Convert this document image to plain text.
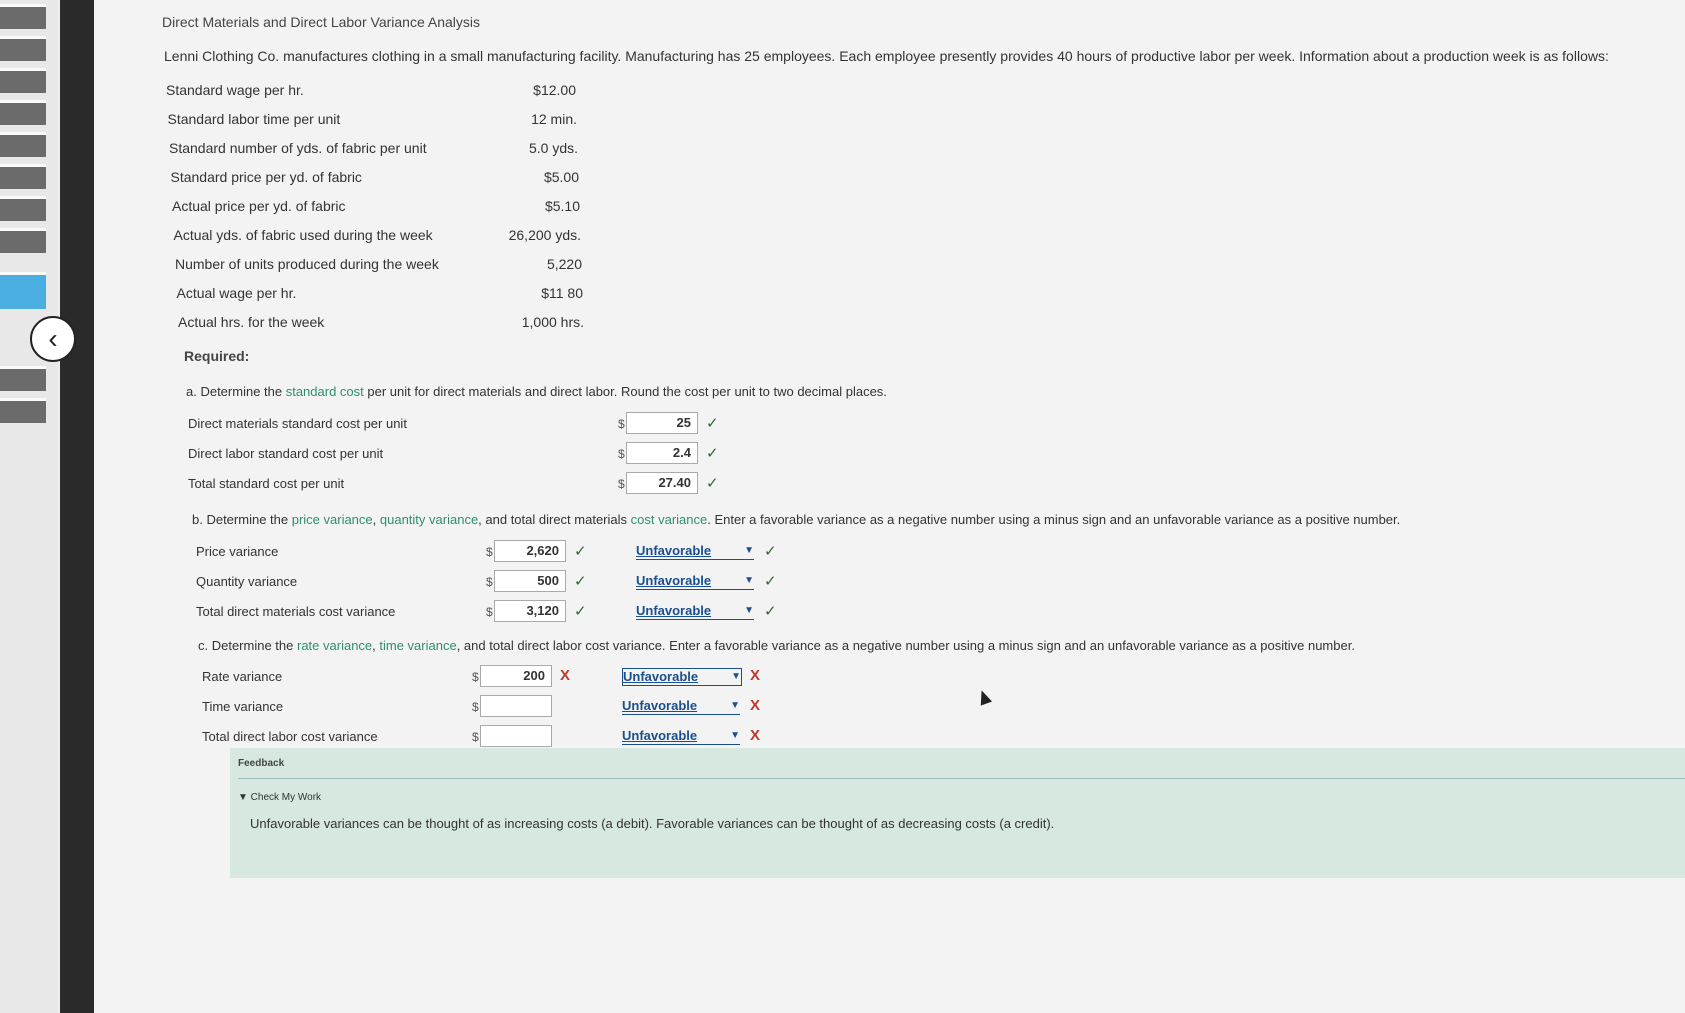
‹
Direct Materials and Direct Labor Variance Analysis
Lenni Clothing Co. manufactures clothing in a small manufacturing facility. Manufacturing has 25 employees. Each employee presently provides 40 hours of productive labor per week. Information about a production week is as follows:
Standard wage per hr.	$12.00
Standard labor time per unit	12 min.
Standard number of yds. of fabric per unit	5.0 yds.
Standard price per yd. of fabric	$5.00
Actual price per yd. of fabric	$5.10
Actual yds. of fabric used during the week	26,200 yds.
Number of units produced during the week	5,220
Actual wage per hr.	$11 80
Actual hrs. for the week	1,000 hrs.
Required:
a. Determine the standard cost per unit for direct materials and direct labor. Round the cost per unit to two decimal places.
Direct materials standard cost per unit	$	25	✓
Direct labor standard cost per unit	$	2.4	✓
Total standard cost per unit	$	27.40	✓
b. Determine the price variance, quantity variance, and total direct materials cost variance. Enter a favorable variance as a negative number using a minus sign and an unfavorable variance as a positive number.
Price variance	$	2,620	✓	Unfavorable	▼ ✓
Quantity variance	$	500	✓	Unfavorable	▼ ✓
Total direct materials cost variance	$	3,120	✓	Unfavorable	▼ ✓
c. Determine the rate variance, time variance, and total direct labor cost variance. Enter a favorable variance as a negative number using a minus sign and an unfavorable variance as a positive number.
Rate variance	$	200	X	Unfavorable	▼ X
Time variance	$	Unfavorable	▼ X
Total direct labor cost variance	$	Unfavorable	▼ X
Feedback
▼ Check My Work
Unfavorable variances can be thought of as increasing costs (a debit). Favorable variances can be thought of as decreasing costs (a credit).
